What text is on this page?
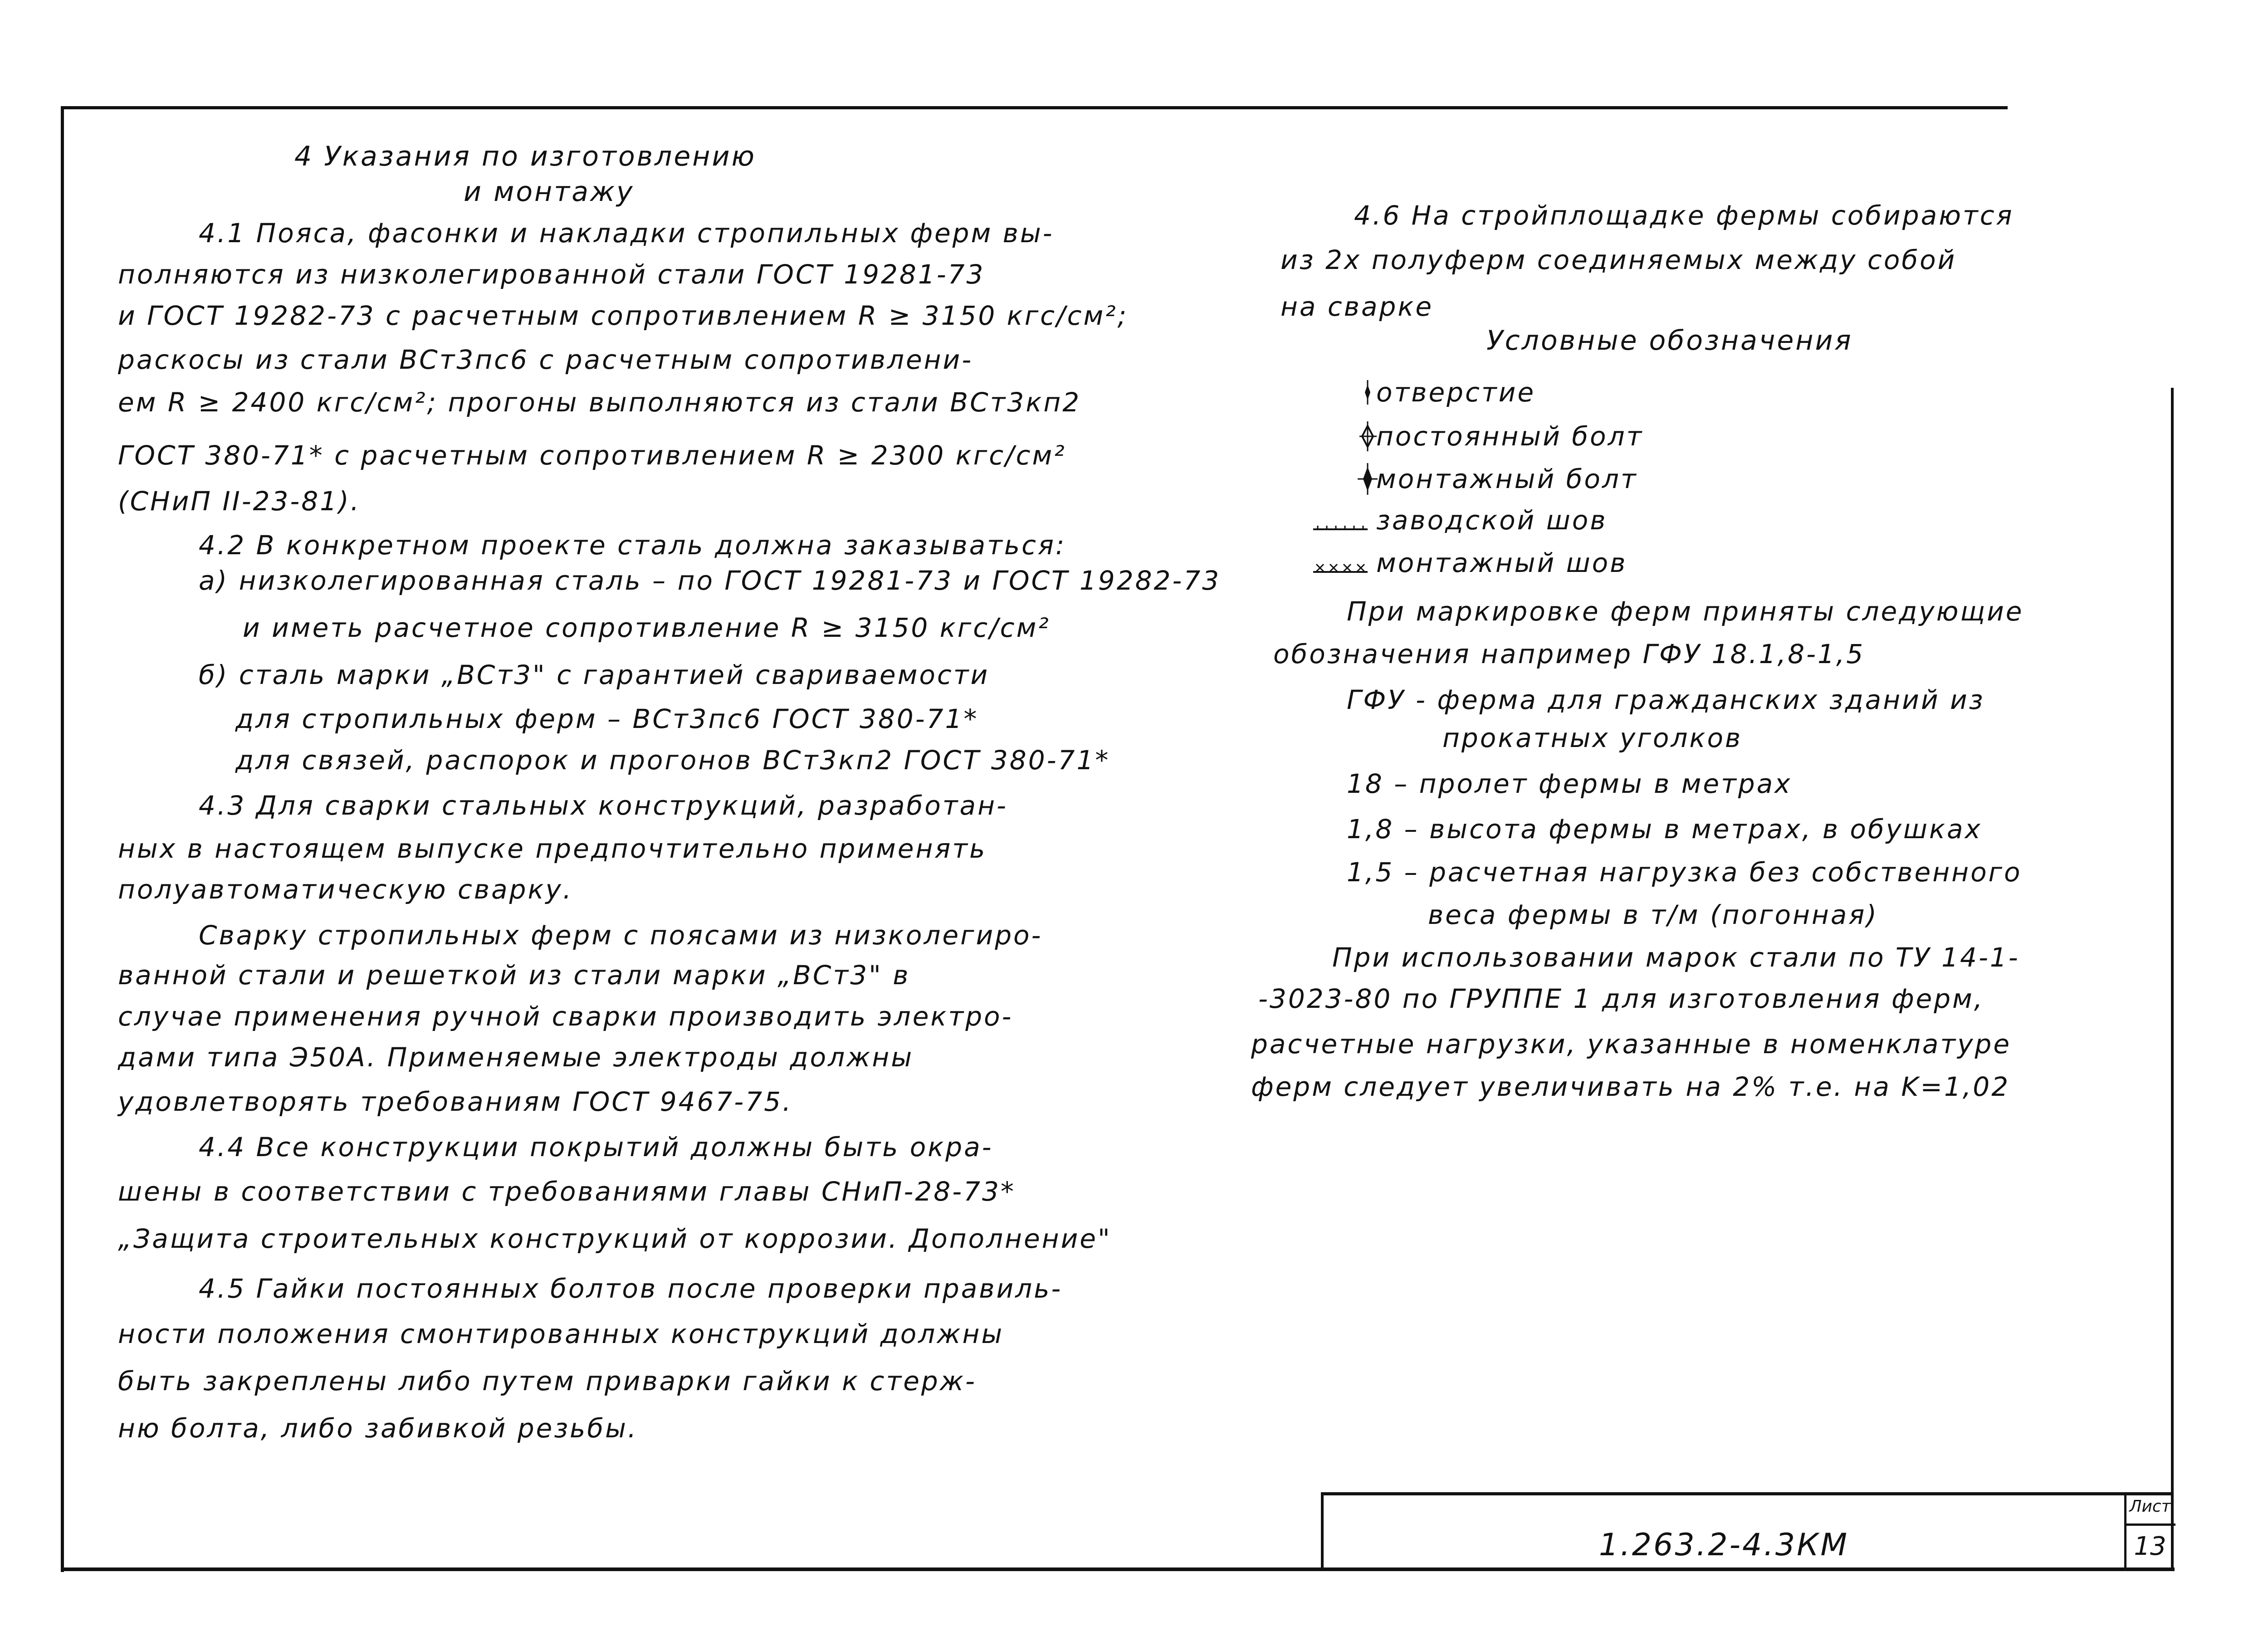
4 Указания по изготовлению

и монтажу

4.1 Пояса, фасонки и накладки стропильных ферм вы-

полняются из низколегированной стали ГОСТ 19281-73

и ГОСТ 19282-73 с расчетным сопротивлением R ≥ 3150 кгс/см²;

раскосы из стали ВСт3пс6 с расчетным сопротивлени-

ем R ≥ 2400 кгс/см²; прогоны выполняются из стали ВСт3кп2

ГОСТ 380-71* с расчетным сопротивлением R ≥ 2300 кгс/см²

(СНиП II-23-81).

4.2 В конкретном проекте сталь должна заказываться:

а) низколегированная сталь – по ГОСТ 19281-73 и ГОСТ 19282-73

и иметь расчетное сопротивление R ≥ 3150 кгс/см²

б) сталь марки „ВСт3" с гарантией свариваемости

для стропильных ферм – ВСт3пс6 ГОСТ 380-71*

для связей, распорок и прогонов ВСт3кп2 ГОСТ 380-71*

4.3 Для сварки стальных конструкций, разработан-

ных в настоящем выпуске предпочтительно применять

полуавтоматическую сварку.

Сварку стропильных ферм с поясами из низколегиро-

ванной стали и решеткой из стали марки „ВСт3" в

случае применения ручной сварки производить электро-

дами типа Э50А. Применяемые электроды должны

удовлетворять требованиям ГОСТ 9467-75.

4.4 Все конструкции покрытий должны быть окра-

шены в соответствии с требованиями главы СНиП-28-73*

„Защита строительных конструкций от коррозии. Дополнение"

4.5 Гайки постоянных болтов после проверки правиль-

ности положения смонтированных конструкций должны

быть закреплены либо путем приварки гайки к стерж-

ню болта, либо забивкой резьбы.

4.6 На стройплощадке фермы собираются

из 2х полуферм соединяемых между собой

на сварке

Условные обозначения

отверстие

постоянный болт

монтажный болт

заводской шов

монтажный шов

При маркировке ферм приняты следующие

обозначения например ГФУ 18.1,8-1,5

ГФУ - ферма для гражданских зданий из

прокатных уголков

18 – пролет фермы в метрах

1,8 – высота фермы в метрах, в обушках

1,5 – расчетная нагрузка без собственного

веса фермы в т/м (погонная)

При использовании марок стали по ТУ 14-1-

-3023-80 по ГРУППЕ 1 для изготовления ферм,

расчетные нагрузки, указанные в номенклатуре

ферм следует увеличивать на 2% т.е. на K=1,02

1.263.2-4.3КМ
Лист
13
